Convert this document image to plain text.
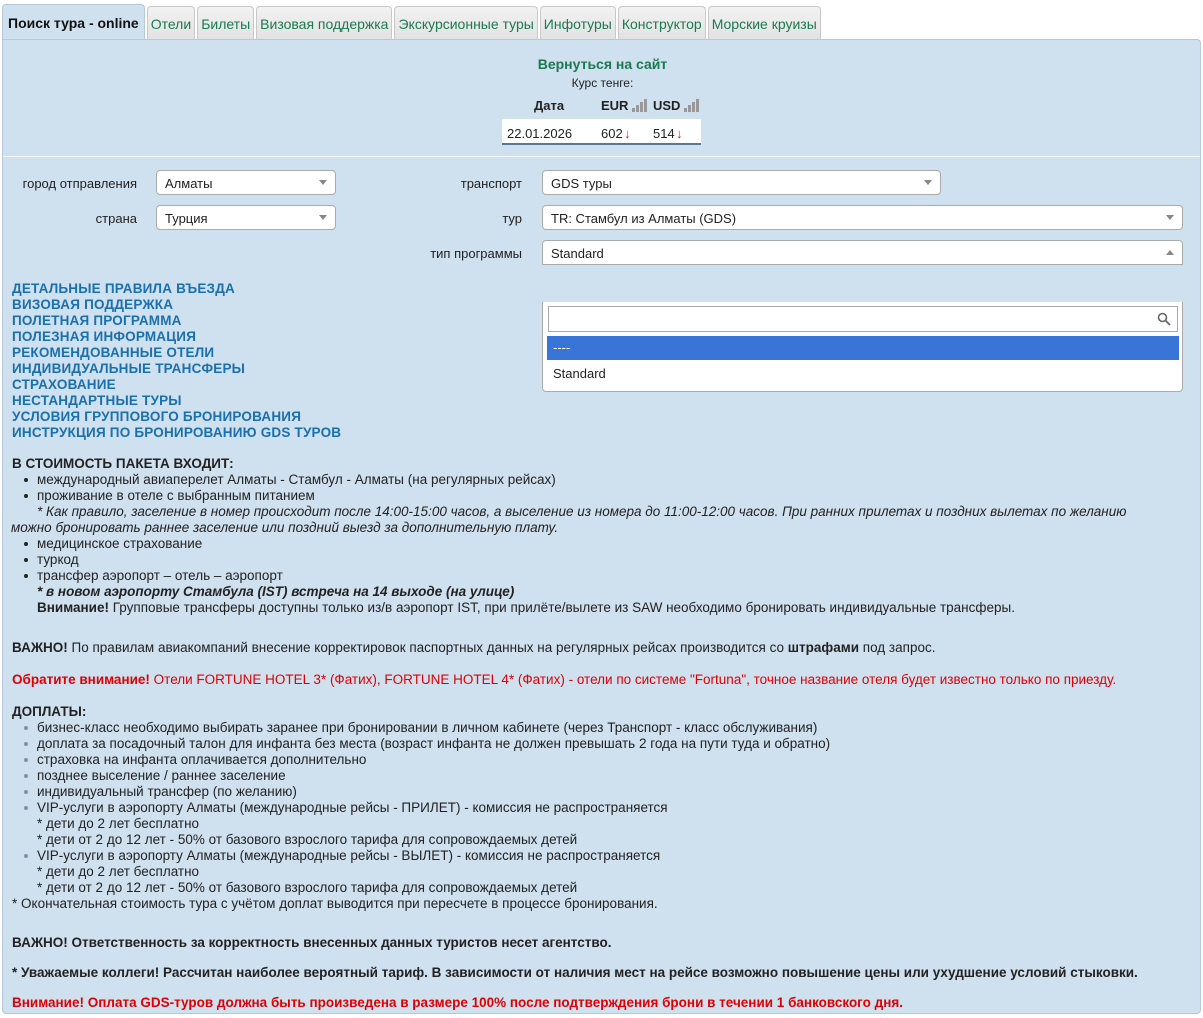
Поиск тура - online Отели Билеты Визовая поддержка Экскурсионные туры Инфотуры Конструктор Морские круизы
Вернуться на сайт
Курс тенге:
Дата	EUR USD
22.01.2026 602 ↓ 514 ↓
город отправления	Алматы
страна	Турция
транспорт	GDS туры
тур	TR: Стамбул из Алматы (GDS)
тип программы	Standard
ДЕТАЛЬНЫЕ ПРАВИЛА ВЪЕЗДА
ВИЗОВАЯ ПОДДЕРЖКА
ПОЛЕТНАЯ ПРОГРАММА
ПОЛЕЗНАЯ ИНФОРМАЦИЯ
РЕКОМЕНДОВАННЫЕ ОТЕЛИ
ИНДИВИДУАЛЬНЫЕ ТРАНСФЕРЫ
СТРАХОВАНИЕ
НЕСТАНДАРТНЫЕ ТУРЫ
УСЛОВИЯ ГРУППОВОГО БРОНИРОВАНИЯ
ИНСТРУКЦИЯ ПО БРОНИРОВАНИЮ GDS ТУРОВ
В СТОИМОСТЬ ПАКЕТА ВХОДИТ:
международный авиаперелет Алматы - Стамбул - Алматы (на регулярных рейсах)
проживание в отеле с выбранным питанием
* Как правило, заселение в номер происходит после 14:00-15:00 часов, а выселение из номера до 11:00-12:00 часов. При ранних прилетах и поздних вылетах по желанию
можно бронировать раннее заселение или поздний выезд за дополнительную плату.
медицинское страхование
туркод
трансфер аэропорт – отель – аэропорт
* в новом аэропорту Стамбула (IST) встреча на 14 выходе (на улице)
Внимание! Групповые трансферы доступны только из/в аэропорт IST, при прилёте/вылете из SAW необходимо бронировать индивидуальные трансферы.
ВАЖНО! По правилам авиакомпаний внесение корректировок паспортных данных на регулярных рейсах производится со штрафами под запрос.
Обратите внимание! Отели FORTUNE HOTEL 3* (Фатих), FORTUNE HOTEL 4* (Фатих) - отели по системе "Fortuna", точное название отеля будет известно только по приезду.
ДОПЛАТЫ:
бизнес-класс необходимо выбирать заранее при бронировании в личном кабинете (через Транспорт - класс обслуживания)
доплата за посадочный талон для инфанта без места (возраст инфанта не должен превышать 2 года на пути туда и обратно)
страховка на инфанта оплачивается дополнительно
позднее выселение / раннее заселение
индивидуальный трансфер (по желанию)
VIP-услуги в аэропорту Алматы (международные рейсы - ПРИЛЕТ) - комиссия не распространяется
* дети до 2 лет бесплатно
* дети от 2 до 12 лет - 50% от базового взрослого тарифа для сопровождаемых детей
VIP-услуги в аэропорту Алматы (международные рейсы - ВЫЛЕТ) - комиссия не распространяется
* дети до 2 лет бесплатно
* дети от 2 до 12 лет - 50% от базового взрослого тарифа для сопровождаемых детей
* Окончательная стоимость тура с учётом доплат выводится при пересчете в процессе бронирования.
ВАЖНО! Ответственность за корректность внесенных данных туристов несет агентство.
* Уважаемые коллеги! Рассчитан наиболее вероятный тариф. В зависимости от наличия мест на рейсе возможно повышение цены или ухудшение условий стыковки.
Внимание! Оплата GDS-туров должна быть произведена в размере 100% после подтверждения брони в течении 1 банковского дня.
----
Standard
